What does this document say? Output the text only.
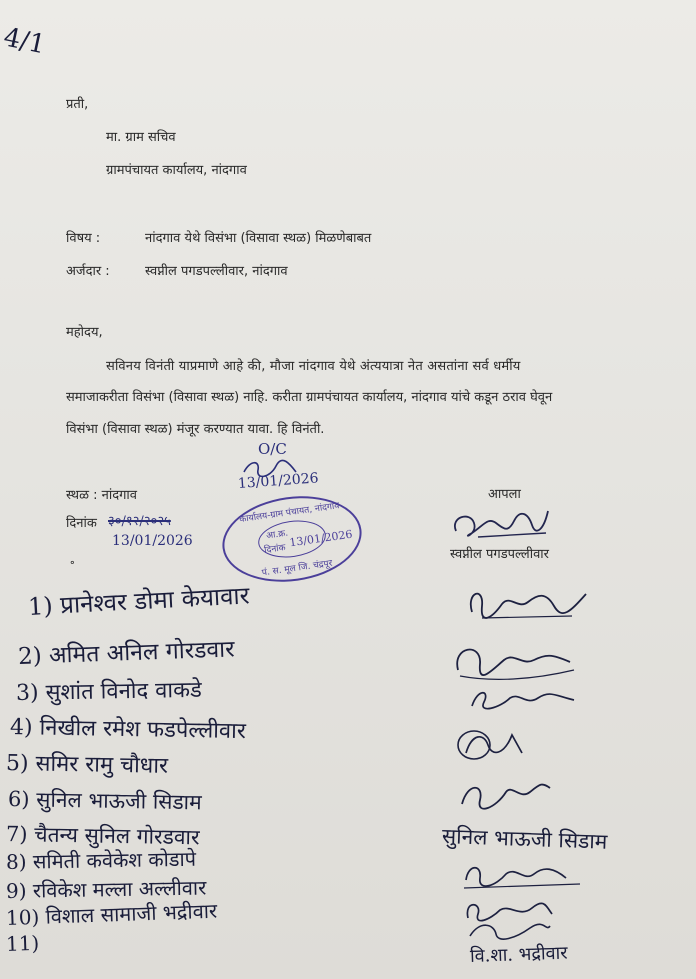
4/1
प्रती,
मा. ग्राम सचिव
ग्रामपंचायत कार्यालय, नांदगाव
विषय :	नांदगाव येथे विसंभा (विसावा स्थळ) मिळणेबाबत
अर्जदार :	स्वप्नील पगडपल्लीवार, नांदगाव
महोदय,
सविनय विनंती याप्रमाणे आहे की, मौजा नांदगाव येथे अंत्ययात्रा नेत असतांना सर्व धर्मीय
समाजाकरीता विसंभा (विसावा स्थळ) नाहि. करीता ग्रामपंचायत कार्यालय, नांदगाव यांचे कडून ठराव घेवून
विसंभा (विसावा स्थळ) मंजूर करण्यात यावा. हि विनंती.
O/C
13/01/2026
स्थळ : नांदगाव
दिनांक ३०/१२/२०२५
13/01/2026
॰
कार्यालय-ग्राम पंचायत, नांदगाव
आ.क्र.
दिनांक
13/01/2026
पं. स. मूल जि. चंद्रपूर
आपला
स्वप्नील पगडपल्लीवार
1) प्रानेश्वर डोमा केयावार
2) अमित अनिल गोरडवार
3) सुशांत विनोद वाकडे
4) निखील रमेश फडपेल्लीवार
5) समिर रामु चौधार
6) सुनिल भाऊजी सिडाम
7) चैतन्य सुनिल गोरडवार
8) समिती कवेकेश कोडापे
9) रविकेश मल्ला अल्लीवार
10) विशाल सामाजी भद्रीवार
11)
सुनिल भाऊजी सिडाम
वि.शा. भद्रीवार
